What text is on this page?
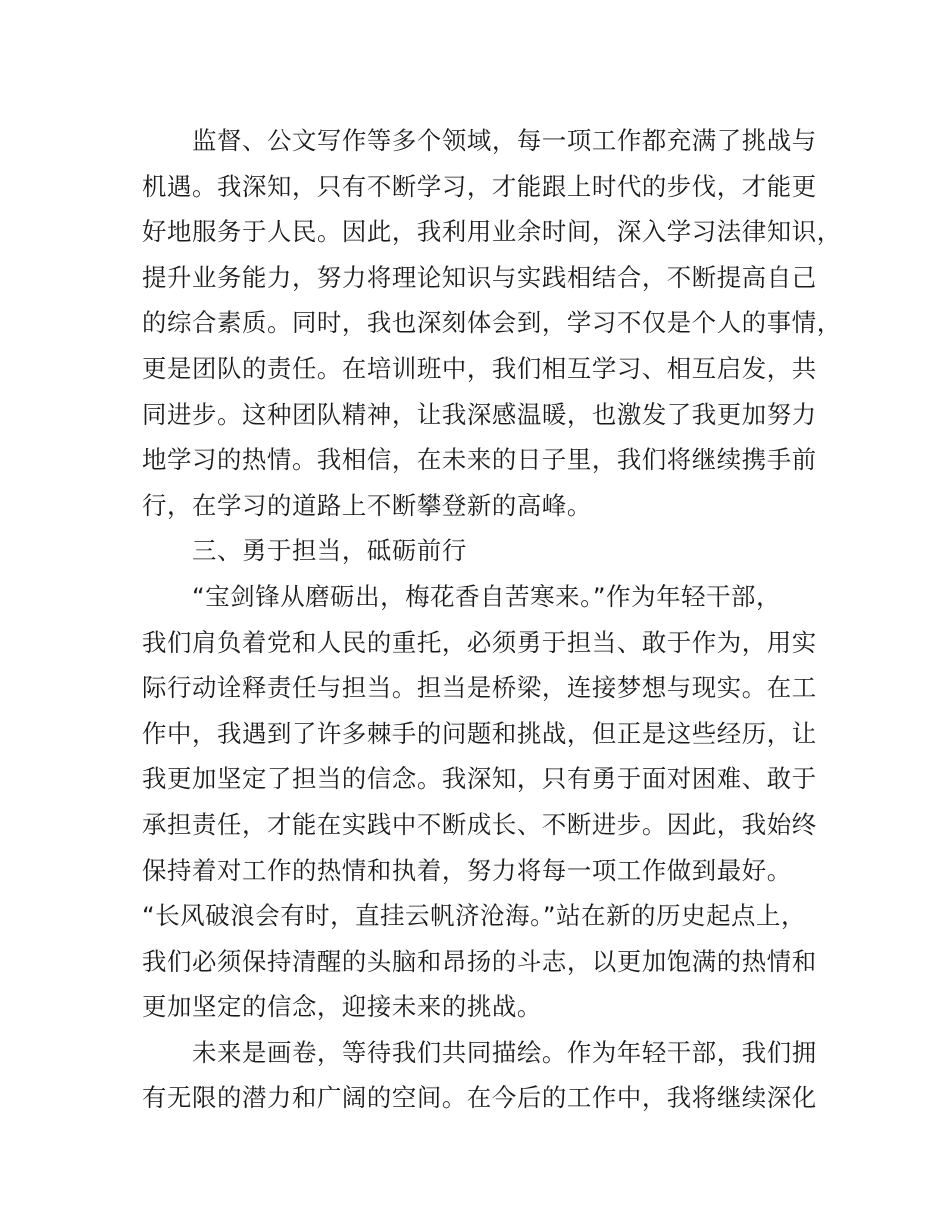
　　监督、公文写作等多个领域，每一项工作都充满了挑战与
机遇。我深知，只有不断学习，才能跟上时代的步伐，才能更
好地服务于人民。因此，我利用业余时间，深入学习法律知识，
提升业务能力，努力将理论知识与实践相结合，不断提高自己
的综合素质。同时，我也深刻体会到，学习不仅是个人的事情，
更是团队的责任。在培训班中，我们相互学习、相互启发，共
同进步。这种团队精神，让我深感温暖，也激发了我更加努力
地学习的热情。我相信，在未来的日子里，我们将继续携手前
行，在学习的道路上不断攀登新的高峰。

　　三、勇于担当，砥砺前行

　　“宝剑锋从磨砺出，梅花香自苦寒来。”作为年轻干部，
我们肩负着党和人民的重托，必须勇于担当、敢于作为，用实
际行动诠释责任与担当。担当是桥梁，连接梦想与现实。在工
作中，我遇到了许多棘手的问题和挑战，但正是这些经历，让
我更加坚定了担当的信念。我深知，只有勇于面对困难、敢于
承担责任，才能在实践中不断成长、不断进步。因此，我始终
保持着对工作的热情和执着，努力将每一项工作做到最好。
“长风破浪会有时，直挂云帆济沧海。”站在新的历史起点上，
我们必须保持清醒的头脑和昂扬的斗志，以更加饱满的热情和
更加坚定的信念，迎接未来的挑战。

　　未来是画卷，等待我们共同描绘。作为年轻干部，我们拥
有无限的潜力和广阔的空间。在今后的工作中，我将继续深化
